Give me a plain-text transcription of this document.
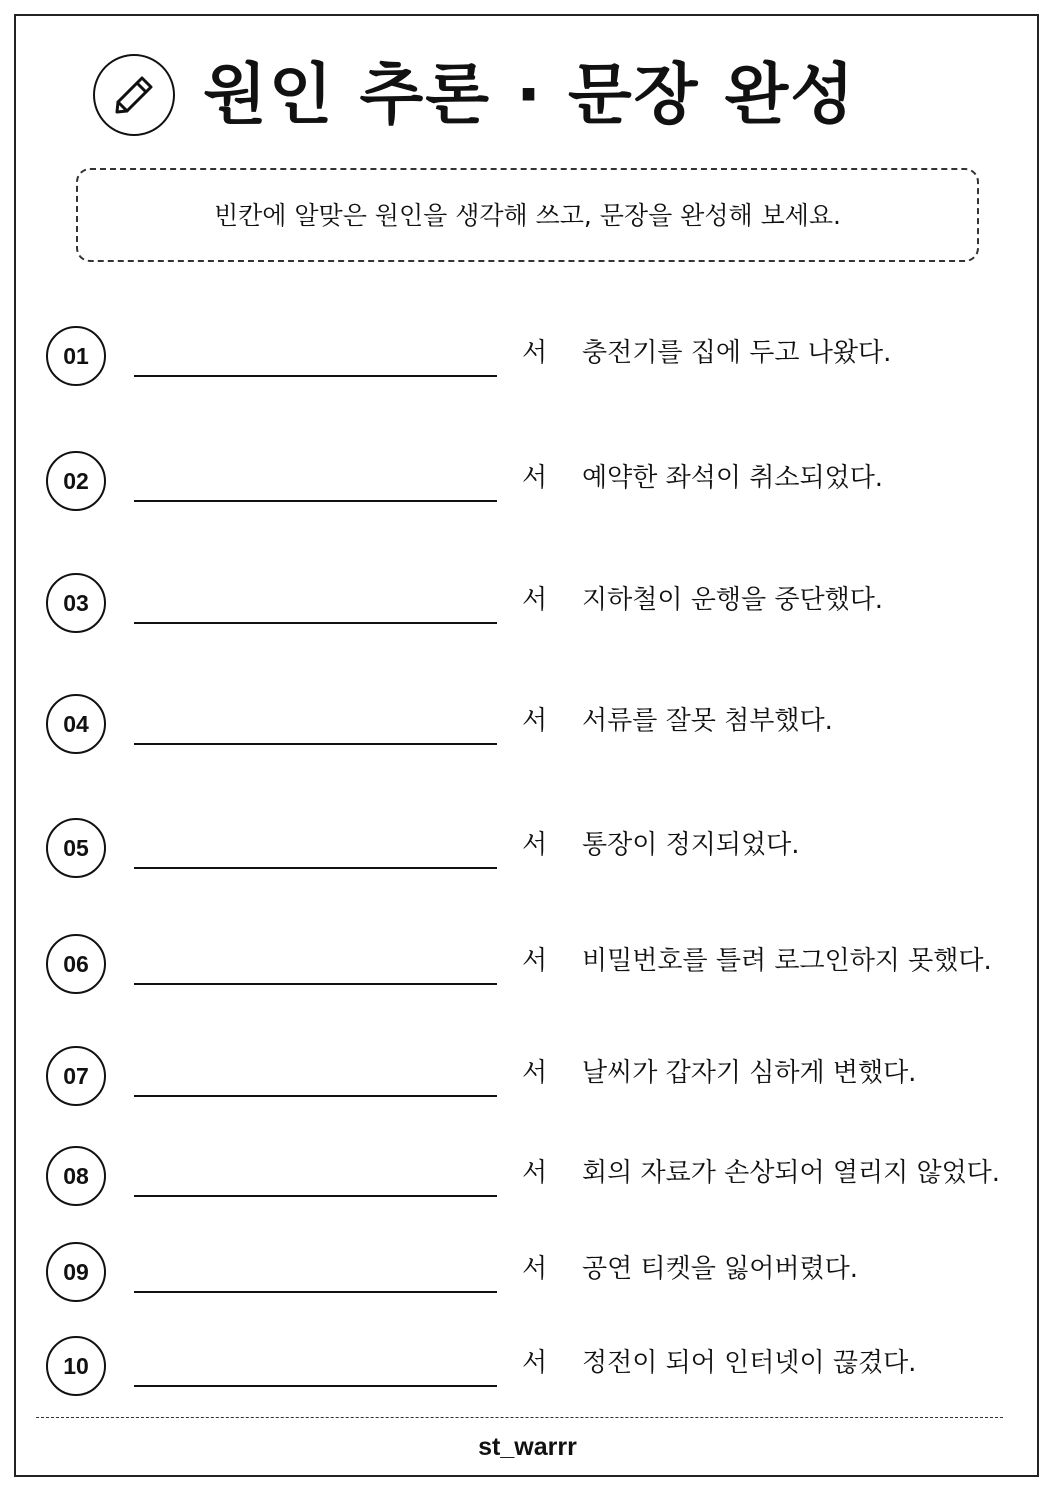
원인 추론 · 문장 완성
빈칸에 알맞은 원인을 생각해 쓰고, 문장을 완성해 보세요.
01	서 충전기를 집에 두고 나왔다.
02	서 예약한 좌석이 취소되었다.
03	서 지하철이 운행을 중단했다.
04	서 서류를 잘못 첨부했다.
05	서 통장이 정지되었다.
06	서 비밀번호를 틀려 로그인하지 못했다.
07	서 날씨가 갑자기 심하게 변했다.
08	서 회의 자료가 손상되어 열리지 않었다.
09	서 공연 티켓을 잃어버렸다.
10	서 정전이 되어 인터넷이 끊겼다.
st_warrr
